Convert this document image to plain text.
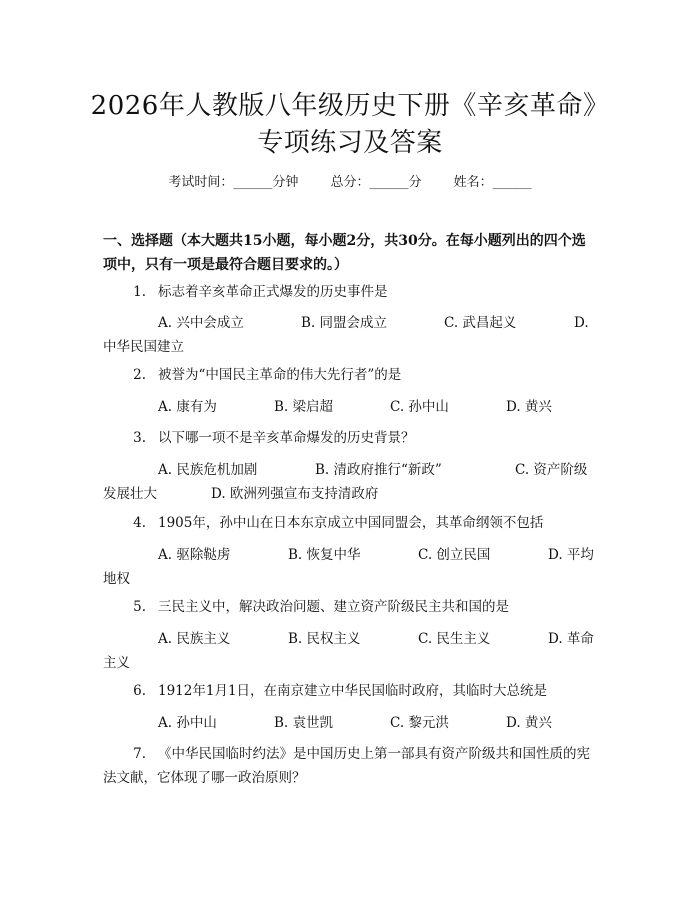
2026年人教版八年级历史下册《辛亥革命》
专项练习及答案
考试时间：______分钟 总分：______分 姓名：______
一、选择题（本大题共15小题，每小题2分，共30分。在每小题列出的四个选
项中，只有一项是最符合题目要求的。）
1. 标志着辛亥革命正式爆发的历史事件是
A. 兴中会成立	B. 同盟会成立	C. 武昌起义	D.
中华民国建立
2. 被誉为“中国民主革命的伟大先行者”的是
A. 康有为	B. 梁启超	C. 孙中山	D. 黄兴
3. 以下哪一项不是辛亥革命爆发的历史背景？
A. 民族危机加剧	B. 清政府推行“新政”	C. 资产阶级
发展壮大	D. 欧洲列强宣布支持清政府
4. 1905年，孙中山在日本东京成立中国同盟会，其革命纲领不包括
A. 驱除鞑虏	B. 恢复中华	C. 创立民国	D. 平均
地权
5. 三民主义中，解决政治问题、建立资产阶级民主共和国的是
A. 民族主义	B. 民权主义	C. 民生主义	D. 革命
主义
6. 1912年1月1日，在南京建立中华民国临时政府，其临时大总统是
A. 孙中山	B. 袁世凯	C. 黎元洪	D. 黄兴
7. 《中华民国临时约法》是中国历史上第一部具有资产阶级共和国性质的宪
法文献，它体现了哪一政治原则？
